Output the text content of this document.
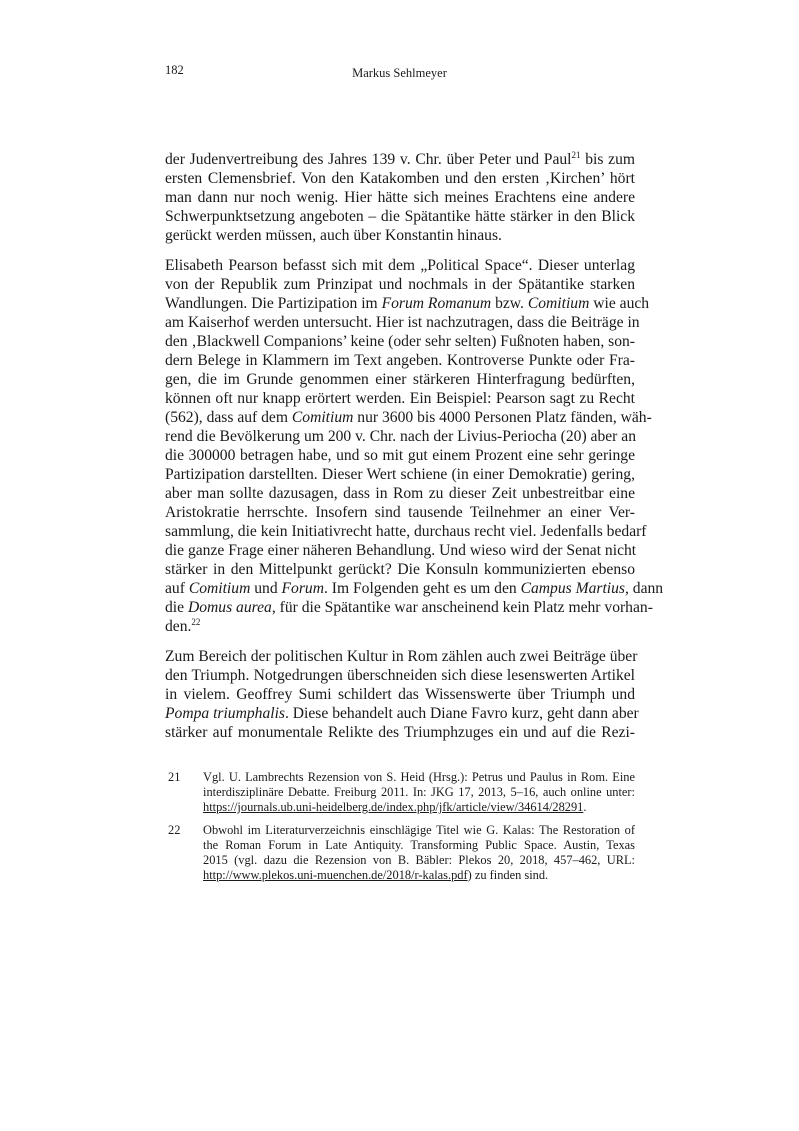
182	Markus Sehlmeyer
der Judenvertreibung des Jahres 139 v. Chr. über Peter und Paul$^{21}$ bis zum
ersten Clemensbrief. Von den Katakomben und den ersten ‚Kirchen’ hört
man dann nur noch wenig. Hier hätte sich meines Erachtens eine andere
Schwerpunktsetzung angeboten – die Spätantike hätte stärker in den Blick
gerückt werden müssen, auch über Konstantin hinaus.
Elisabeth Pearson befasst sich mit dem „Political Space“. Dieser unterlag
von der Republik zum Prinzipat und nochmals in der Spätantike starken
Wandlungen. Die Partizipation im Forum Romanum bzw. Comitium wie auch
am Kaiserhof werden untersucht. Hier ist nachzutragen, dass die Beiträge in
den ‚Blackwell Companions’ keine (oder sehr selten) Fußnoten haben, son-
dern Belege in Klammern im Text angeben. Kontroverse Punkte oder Fra-
gen, die im Grunde genommen einer stärkeren Hinterfragung bedürften,
können oft nur knapp erörtert werden. Ein Beispiel: Pearson sagt zu Recht
(562), dass auf dem Comitium nur 3600 bis 4000 Personen Platz fänden, wäh-
rend die Bevölkerung um 200 v. Chr. nach der Livius-Periocha (20) aber an
die 300000 betragen habe, und so mit gut einem Prozent eine sehr geringe
Partizipation darstellten. Dieser Wert schiene (in einer Demokratie) gering,
aber man sollte dazusagen, dass in Rom zu dieser Zeit unbestreitbar eine
Aristokratie herrschte. Insofern sind tausende Teilnehmer an einer Ver-
sammlung, die kein Initiativrecht hatte, durchaus recht viel. Jedenfalls bedarf
die ganze Frage einer näheren Behandlung. Und wieso wird der Senat nicht
stärker in den Mittelpunkt gerückt? Die Konsuln kommunizierten ebenso
auf Comitium und Forum. Im Folgenden geht es um den Campus Martius, dann
die Domus aurea, für die Spätantike war anscheinend kein Platz mehr vorhan-
den.$^{22}$
Zum Bereich der politischen Kultur in Rom zählen auch zwei Beiträge über
den Triumph. Notgedrungen überschneiden sich diese lesenswerten Artikel
in vielem. Geoffrey Sumi schildert das Wissenswerte über Triumph und
Pompa triumphalis. Diese behandelt auch Diane Favro kurz, geht dann aber
stärker auf monumentale Relikte des Triumphzuges ein und auf die Rezi-
21 Vgl. U. Lambrechts Rezension von S. Heid (Hrsg.): Petrus und Paulus in Rom. Eine
interdisziplinäre Debatte. Freiburg 2011. In: JKG 17, 2013, 5–16, auch online unter:
https://journals.ub.uni-heidelberg.de/index.php/jfk/article/view/34614/28291.
22 Obwohl im Literaturverzeichnis einschlägige Titel wie G. Kalas: The Restoration of
the Roman Forum in Late Antiquity. Transforming Public Space. Austin, Texas
2015 (vgl. dazu die Rezension von B. Bäbler: Plekos 20, 2018, 457–462, URL:
http://www.plekos.uni-muenchen.de/2018/r-kalas.pdf) zu finden sind.
